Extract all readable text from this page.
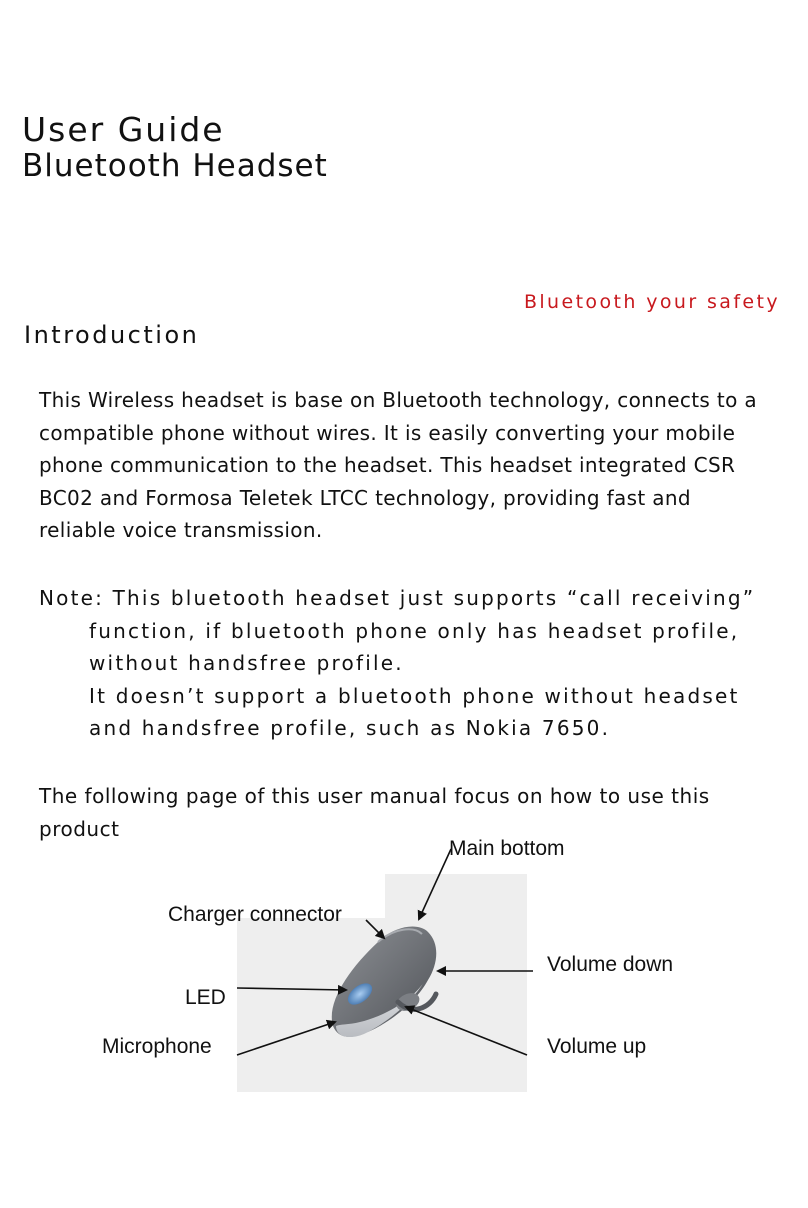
User Guide
Bluetooth Headset
Bluetooth your safety
Introduction

This Wireless headset is base on Bluetooth technology, connects to a

compatible phone without wires. It is easily converting your mobile

phone communication to the headset. This headset integrated CSR

BC02 and Formosa Teletek LTCC technology, providing fast and

reliable voice transmission.

Note: This bluetooth headset just supports “call receiving”

function, if bluetooth phone only has headset profile,

without handsfree profile.

It doesn’t support a bluetooth phone without headset

and handsfree profile, such as Nokia 7650.

The following page of this user manual focus on how to use this

product

Main bottom
Charger connector
Volume down
LED
Microphone	Volume up
